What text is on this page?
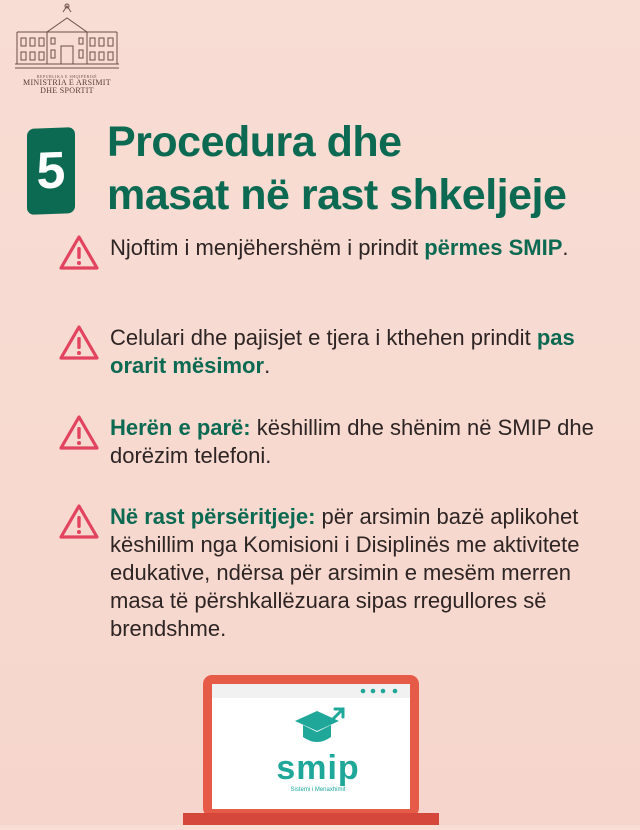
REPUBLIKA E SHQIPËRISË
MINISTRIA E ARSIMIT
DHE SPORTIT
5 Procedura dhe
masat në rast shkeljeje
Njoftim i menjëhershëm i prindit përmes SMIP.
Celulari dhe pajisjet e tjera i kthehen prindit pas orarit mësimor.
Herën e parë: këshillim dhe shënim në SMIP dhe dorëzim telefoni.
Në rast përsëritjeje: për arsimin bazë aplikohet këshillim nga Komisioni i Disiplinës me aktivitete edukative, ndërsa për arsimin e mesëm merren masa të përshkallëzuara sipas rregullores së brendshme.
smip
Sistemi i Menaxhimit
